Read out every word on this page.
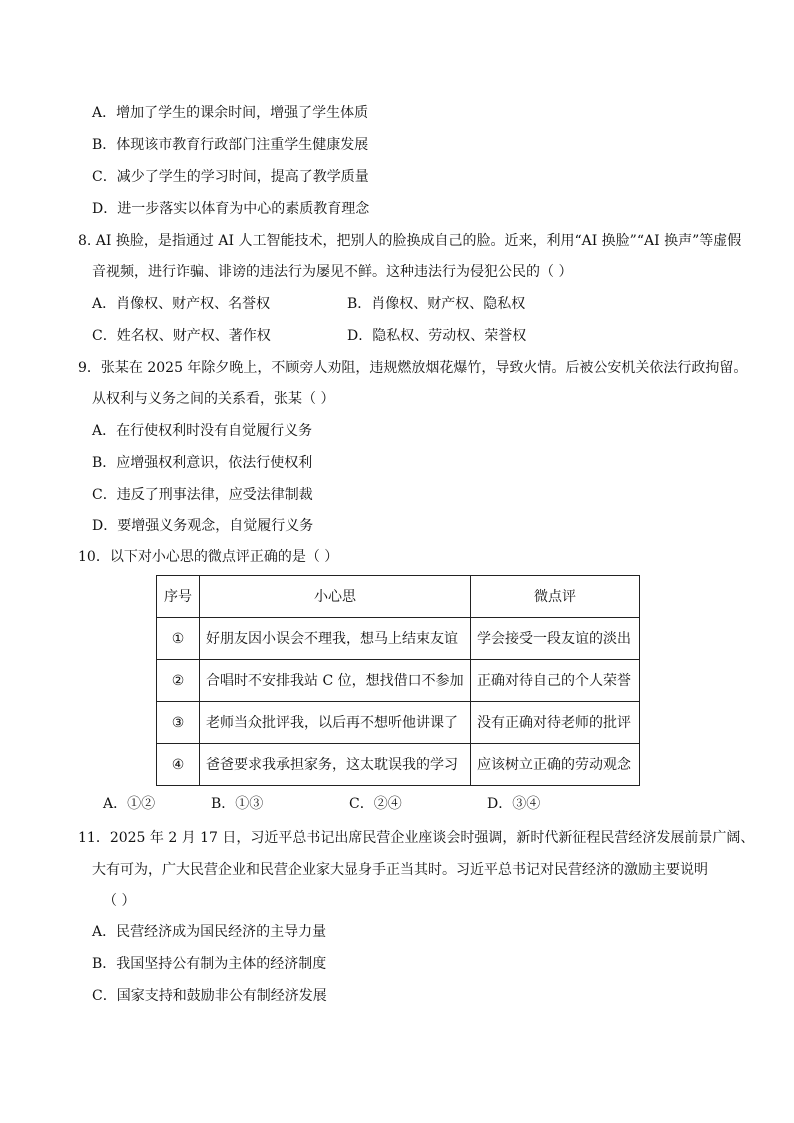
A．增加了学生的课余时间，增强了学生体质
B．体现该市教育行政部门注重学生健康发展
C．减少了学生的学习时间，提高了教学质量
D．进一步落实以体育为中心的素质教育理念
8. AI 换脸，是指通过 AI 人工智能技术，把别人的脸换成自己的脸。近来，利用“AI 换脸”“AI 换声”等虚假
音视频，进行诈骗、诽谤的违法行为屡见不鲜。这种违法行为侵犯公民的（ ）
A．肖像权、财产权、名誉权	B．肖像权、财产权、隐私权
C．姓名权、财产权、著作权	D．隐私权、劳动权、荣誉权
9．张某在 2025 年除夕晚上，不顾旁人劝阻，违规燃放烟花爆竹，导致火情。后被公安机关依法行政拘留。
从权利与义务之间的关系看，张某（ ）
A．在行使权利时没有自觉履行义务
B．应增强权利意识，依法行使权利
C．违反了刑事法律，应受法律制裁
D．要增强义务观念，自觉履行义务
10．以下对小心思的微点评正确的是（ ）
序号	小心思	微点评
①	好朋友因小误会不理我，想马上结束友谊	学会接受一段友谊的淡出
②	合唱时不安排我站 C 位，想找借口不参加	正确对待自己的个人荣誉
③	老师当众批评我，以后再不想听他讲课了	没有正确对待老师的批评
④	爸爸要求我承担家务，这太耽误我的学习	应该树立正确的劳动观念
A．①②	B．①③	C．②④	D．③④
11．2025 年 2 月 17 日，习近平总书记出席民营企业座谈会时强调，新时代新征程民营经济发展前景广阔、
大有可为，广大民营企业和民营企业家大显身手正当其时。习近平总书记对民营经济的激励主要说明
（ ）
A．民营经济成为国民经济的主导力量
B．我国坚持公有制为主体的经济制度
C．国家支持和鼓励非公有制经济发展
